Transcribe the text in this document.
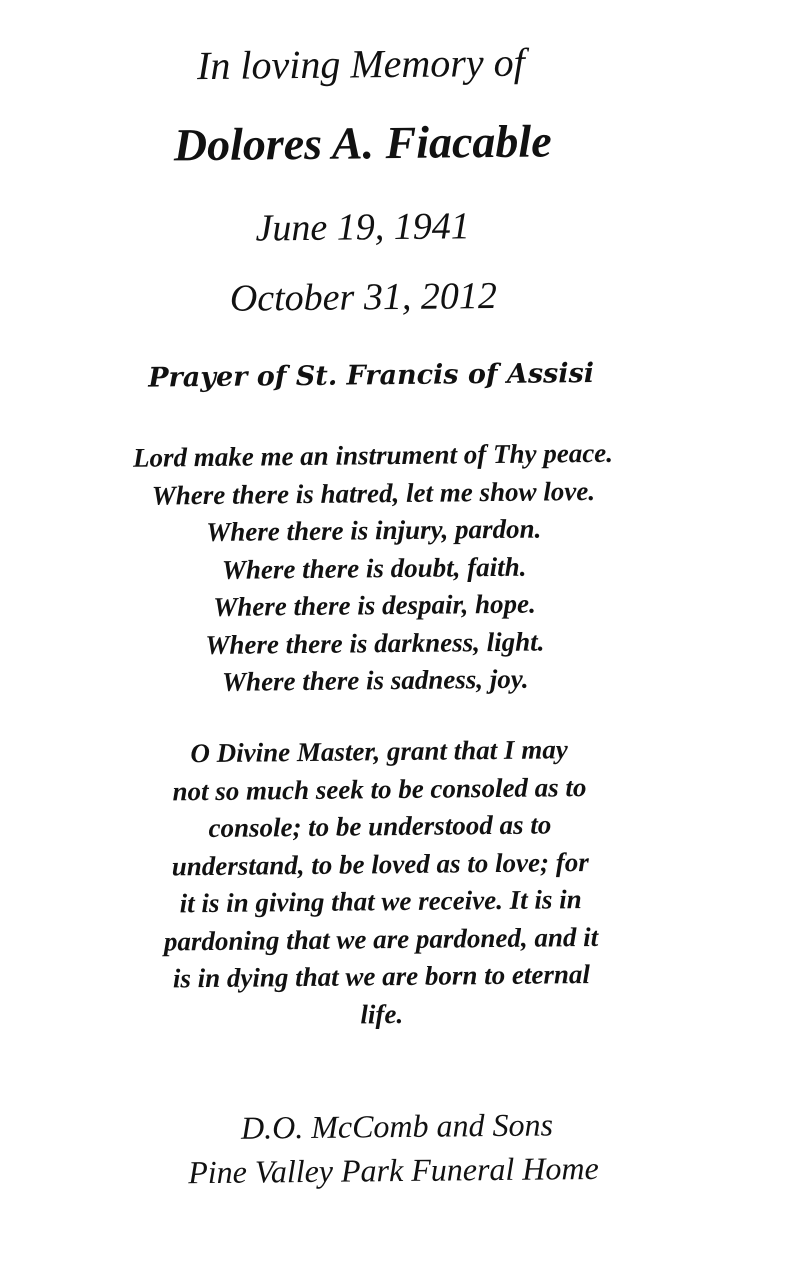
In loving Memory of
Dolores A. Fiacable
June 19, 1941
October 31, 2012
Prayer of St. Francis of Assisi
Lord make me an instrument of Thy peace.
Where there is hatred, let me show love.
Where there is injury, pardon.
Where there is doubt, faith.
Where there is despair, hope.
Where there is darkness, light.
Where there is sadness, joy.
O Divine Master, grant that I may
not so much seek to be consoled as to
console; to be understood as to
understand, to be loved as to love; for
it is in giving that we receive. It is in
pardoning that we are pardoned, and it
is in dying that we are born to eternal
life.
D.O. McComb and Sons
Pine Valley Park Funeral Home
